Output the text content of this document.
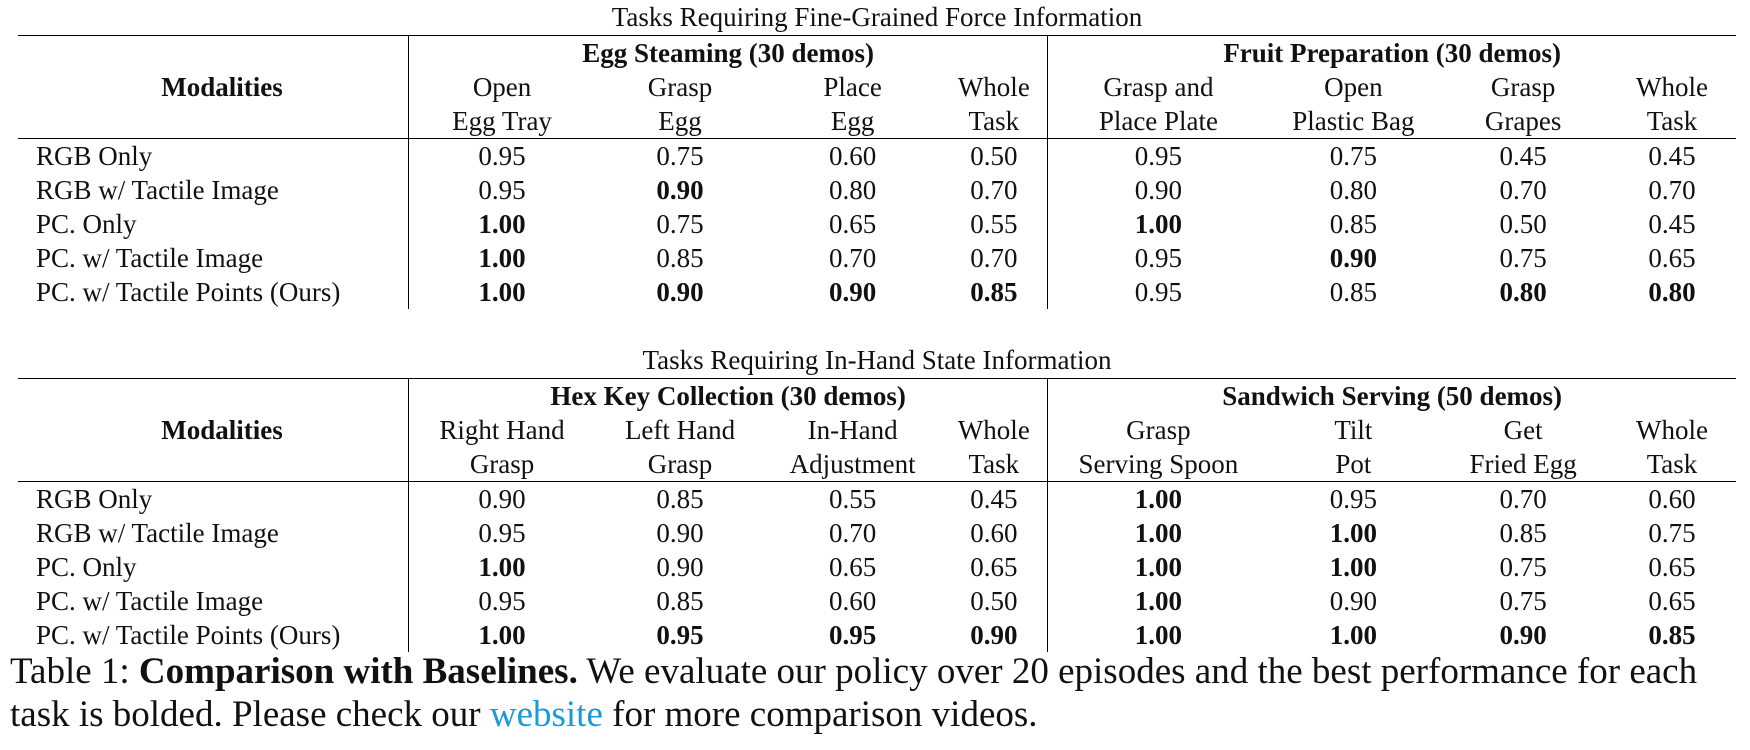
Tasks Requiring Fine-Grained Force Information
Modalities	Egg Steaming (30 demos)				Fruit Preparation (30 demos)			
	Open	Grasp	Place	Whole	Grasp and	Open	Grasp	Whole
	Egg Tray	Egg	Egg	Task	Place Plate	Plastic Bag	Grapes	Task
RGB Only	0.95	0.75	0.60	0.50	0.95	0.75	0.45	0.45
RGB w/ Tactile Image	0.95	0.90	0.80	0.70	0.90	0.80	0.70	0.70
PC. Only	1.00	0.75	0.65	0.55	1.00	0.85	0.50	0.45
PC. w/ Tactile Image	1.00	0.85	0.70	0.70	0.95	0.90	0.75	0.65
PC. w/ Tactile Points (Ours)	1.00	0.90	0.90	0.85	0.95	0.85	0.80	0.80
Tasks Requiring In-Hand State Information
Modalities	Hex Key Collection (30 demos)				Sandwich Serving (50 demos)			
	Right Hand	Left Hand	In-Hand	Whole	Grasp	Tilt	Get	Whole
	Grasp	Grasp	Adjustment	Task	Serving Spoon	Pot	Fried Egg	Task
RGB Only	0.90	0.85	0.55	0.45	1.00	0.95	0.70	0.60
RGB w/ Tactile Image	0.95	0.90	0.70	0.60	1.00	1.00	0.85	0.75
PC. Only	1.00	0.90	0.65	0.65	1.00	1.00	0.75	0.65
PC. w/ Tactile Image	0.95	0.85	0.60	0.50	1.00	0.90	0.75	0.65
PC. w/ Tactile Points (Ours)	1.00	0.95	0.95	0.90	1.00	1.00	0.90	0.85
Table 1: Comparison with Baselines. We evaluate our policy over 20 episodes and the best performance for each task is bolded. Please check our website for more comparison videos.
